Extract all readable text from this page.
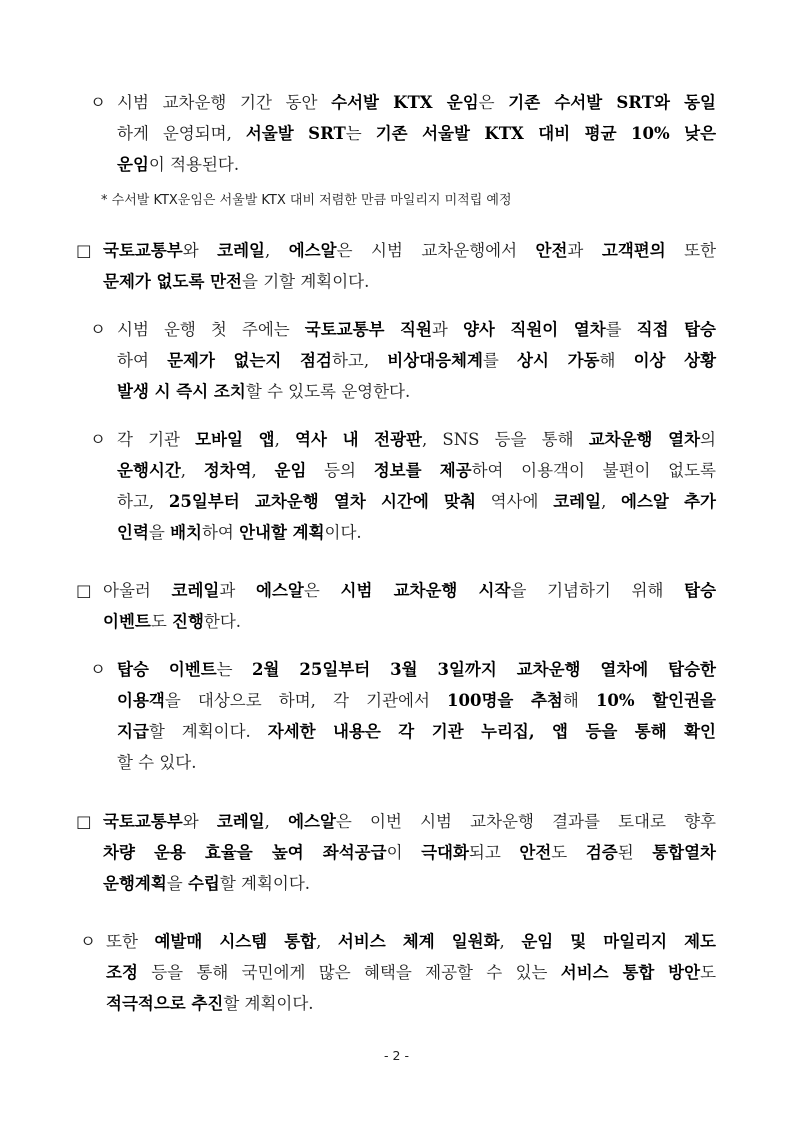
ㅇ 시범 교차운행 기간 동안 수서발 KTX 운임은 기존 수서발 SRT와 동일
하게 운영되며, 서울발 SRT는 기존 서울발 KTX 대비 평균 10% 낮은
운임이 적용된다.
* 수서발 KTX운임은 서울발 KTX 대비 저렴한 만큼 마일리지 미적립 예정
□ 국토교통부와 코레일, 에스알은 시범 교차운행에서 안전과 고객편의 또한
문제가 없도록 만전을 기할 계획이다.
ㅇ 시범 운행 첫 주에는 국토교통부 직원과 양사 직원이 열차를 직접 탑승
하여 문제가 없는지 점검하고, 비상대응체계를 상시 가동해 이상 상황
발생 시 즉시 조치할 수 있도록 운영한다.
ㅇ 각 기관 모바일 앱, 역사 내 전광판, SNS 등을 통해 교차운행 열차의
운행시간, 정차역, 운임 등의 정보를 제공하여 이용객이 불편이 없도록
하고, 25일부터 교차운행 열차 시간에 맞춰 역사에 코레일, 에스알 추가
인력을 배치하여 안내할 계획이다.
□ 아울러 코레일과 에스알은 시범 교차운행 시작을 기념하기 위해 탑승
이벤트도 진행한다.
ㅇ 탑승 이벤트는 2월 25일부터 3월 3일까지 교차운행 열차에 탑승한
이용객을 대상으로 하며, 각 기관에서 100명을 추첨해 10% 할인권을
지급할 계획이다. 자세한 내용은 각 기관 누리집, 앱 등을 통해 확인
할 수 있다.
□ 국토교통부와 코레일, 에스알은 이번 시범 교차운행 결과를 토대로 향후
차량 운용 효율을 높여 좌석공급이 극대화되고 안전도 검증된 통합열차
운행계획을 수립할 계획이다.
ㅇ 또한 예발매 시스템 통합, 서비스 체계 일원화, 운임 및 마일리지 제도
조정 등을 통해 국민에게 많은 혜택을 제공할 수 있는 서비스 통합 방안도
적극적으로 추진할 계획이다.
- 2 -
